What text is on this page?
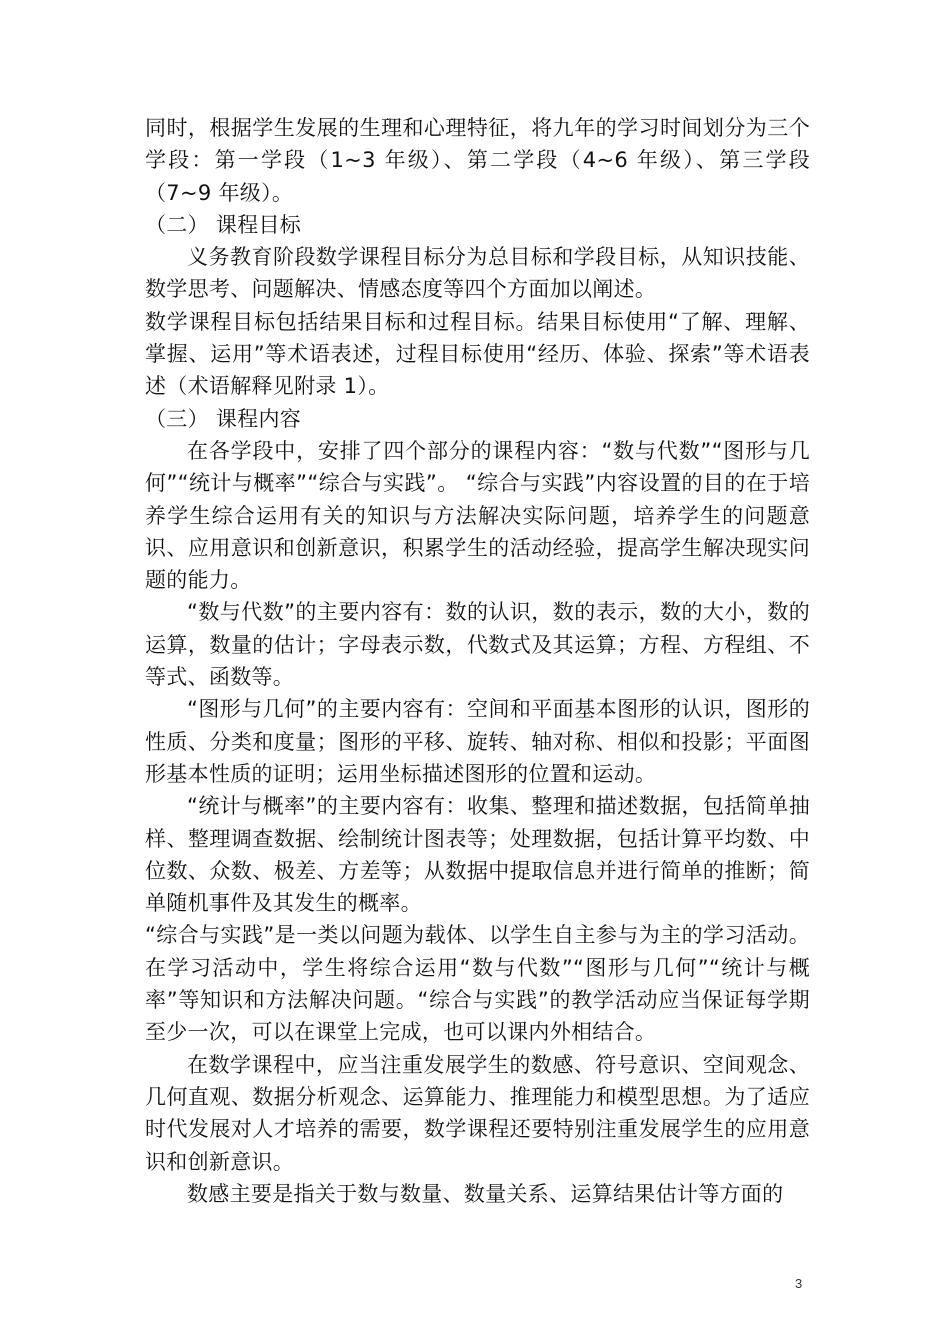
同时，根据学生发展的生理和心理特征，将九年的学习时间划分为三个学段：第一学段（1~3 年级）、第二学段（4~6 年级）、第三学段（7~9 年级）。

（二） 课程目标

义务教育阶段数学课程目标分为总目标和学段目标，从知识技能、数学思考、问题解决、情感态度等四个方面加以阐述。

数学课程目标包括结果目标和过程目标。结果目标使用“了解、理解、掌握、运用”等术语表述，过程目标使用“经历、体验、探索”等术语表述（术语解释见附录 1）。

（三） 课程内容

在各学段中，安排了四个部分的课程内容：“数与代数”“图形与几何”“统计与概率”“综合与实践”。 “综合与实践”内容设置的目的在于培养学生综合运用有关的知识与方法解决实际问题，培养学生的问题意识、应用意识和创新意识，积累学生的活动经验，提高学生解决现实问题的能力。

“数与代数”的主要内容有：数的认识，数的表示，数的大小，数的运算，数量的估计；字母表示数，代数式及其运算；方程、方程组、不等式、函数等。

“图形与几何”的主要内容有：空间和平面基本图形的认识，图形的性质、分类和度量；图形的平移、旋转、轴对称、相似和投影；平面图形基本性质的证明；运用坐标描述图形的位置和运动。

“统计与概率”的主要内容有：收集、整理和描述数据，包括简单抽样、整理调查数据、绘制统计图表等；处理数据，包括计算平均数、中位数、众数、极差、方差等；从数据中提取信息并进行简单的推断；简单随机事件及其发生的概率。

“综合与实践”是一类以问题为载体、以学生自主参与为主的学习活动。在学习活动中，学生将综合运用“数与代数”“图形与几何”“统计与概率”等知识和方法解决问题。“综合与实践”的教学活动应当保证每学期至少一次，可以在课堂上完成，也可以课内外相结合。

在数学课程中，应当注重发展学生的数感、符号意识、空间观念、几何直观、数据分析观念、运算能力、推理能力和模型思想。为了适应时代发展对人才培养的需要，数学课程还要特别注重发展学生的应用意识和创新意识。

数感主要是指关于数与数量、数量关系、运算结果估计等方面的

3
